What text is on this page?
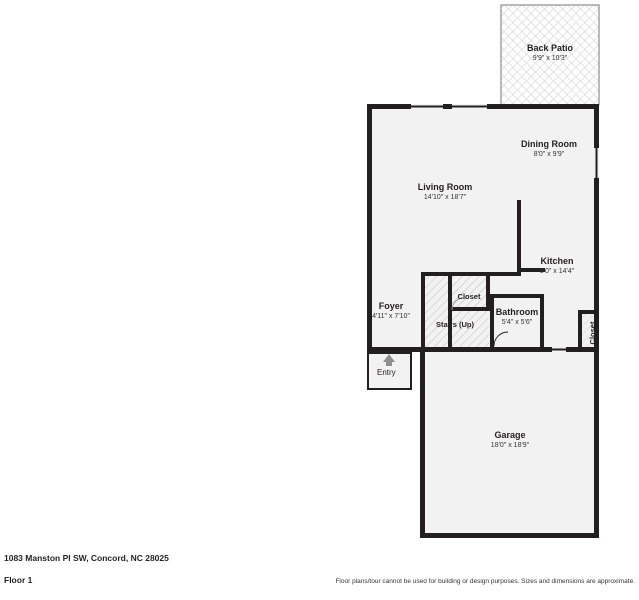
Back Patio
9'9" x 10'3"
Dining Room
8'0" x 9'9"
Living Room
14'10" x 18'7"
Kitchen
8'0" x 14'4"
Foyer
4'11" x 7'10"
Closet
Bathroom
5'4" x 5'6"
Stairs (Up)	Closet
Garage
18'0" x 18'9"
Entry
1083 Manston Pl SW, Concord, NC 28025
Floor 1	Floor plans/tour cannot be used for building or design purposes. Sizes and dimensions are approximate.
